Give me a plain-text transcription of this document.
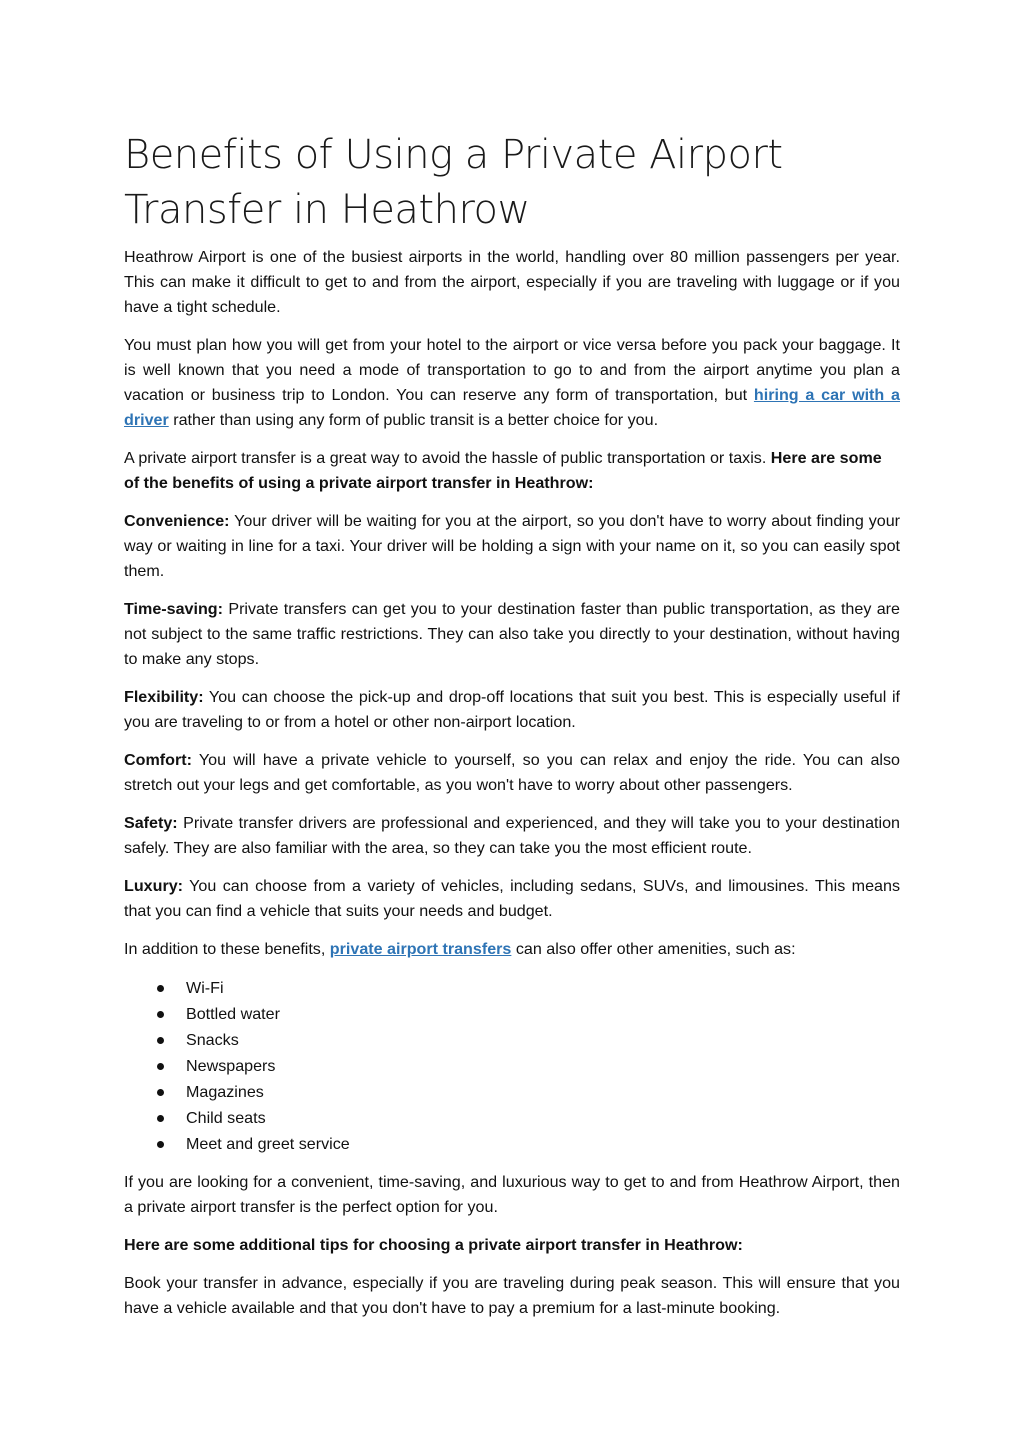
Benefits of Using a Private Airport Transfer in Heathrow

Heathrow Airport is one of the busiest airports in the world, handling over 80 million passengers per year. This can make it difficult to get to and from the airport, especially if you are traveling with luggage or if you have a tight schedule.

You must plan how you will get from your hotel to the airport or vice versa before you pack your baggage. It is well known that you need a mode of transportation to go to and from the airport anytime you plan a vacation or business trip to London. You can reserve any form of transportation, but hiring a car with a driver rather than using any form of public transit is a better choice for you.

A private airport transfer is a great way to avoid the hassle of public transportation or taxis. Here are some of the benefits of using a private airport transfer in Heathrow:

Convenience: Your driver will be waiting for you at the airport, so you don't have to worry about finding your way or waiting in line for a taxi. Your driver will be holding a sign with your name on it, so you can easily spot them.

Time-saving: Private transfers can get you to your destination faster than public transportation, as they are not subject to the same traffic restrictions. They can also take you directly to your destination, without having to make any stops.

Flexibility: You can choose the pick-up and drop-off locations that suit you best. This is especially useful if you are traveling to or from a hotel or other non-airport location.

Comfort: You will have a private vehicle to yourself, so you can relax and enjoy the ride. You can also stretch out your legs and get comfortable, as you won't have to worry about other passengers.

Safety: Private transfer drivers are professional and experienced, and they will take you to your destination safely. They are also familiar with the area, so they can take you the most efficient route.

Luxury: You can choose from a variety of vehicles, including sedans, SUVs, and limousines. This means that you can find a vehicle that suits your needs and budget.

In addition to these benefits, private airport transfers can also offer other amenities, such as:

Wi-Fi
Bottled water
Snacks
Newspapers
Magazines
Child seats
Meet and greet service

If you are looking for a convenient, time-saving, and luxurious way to get to and from Heathrow Airport, then a private airport transfer is the perfect option for you.

Here are some additional tips for choosing a private airport transfer in Heathrow:

Book your transfer in advance, especially if you are traveling during peak season. This will ensure that you have a vehicle available and that you don't have to pay a premium for a last-minute booking.
